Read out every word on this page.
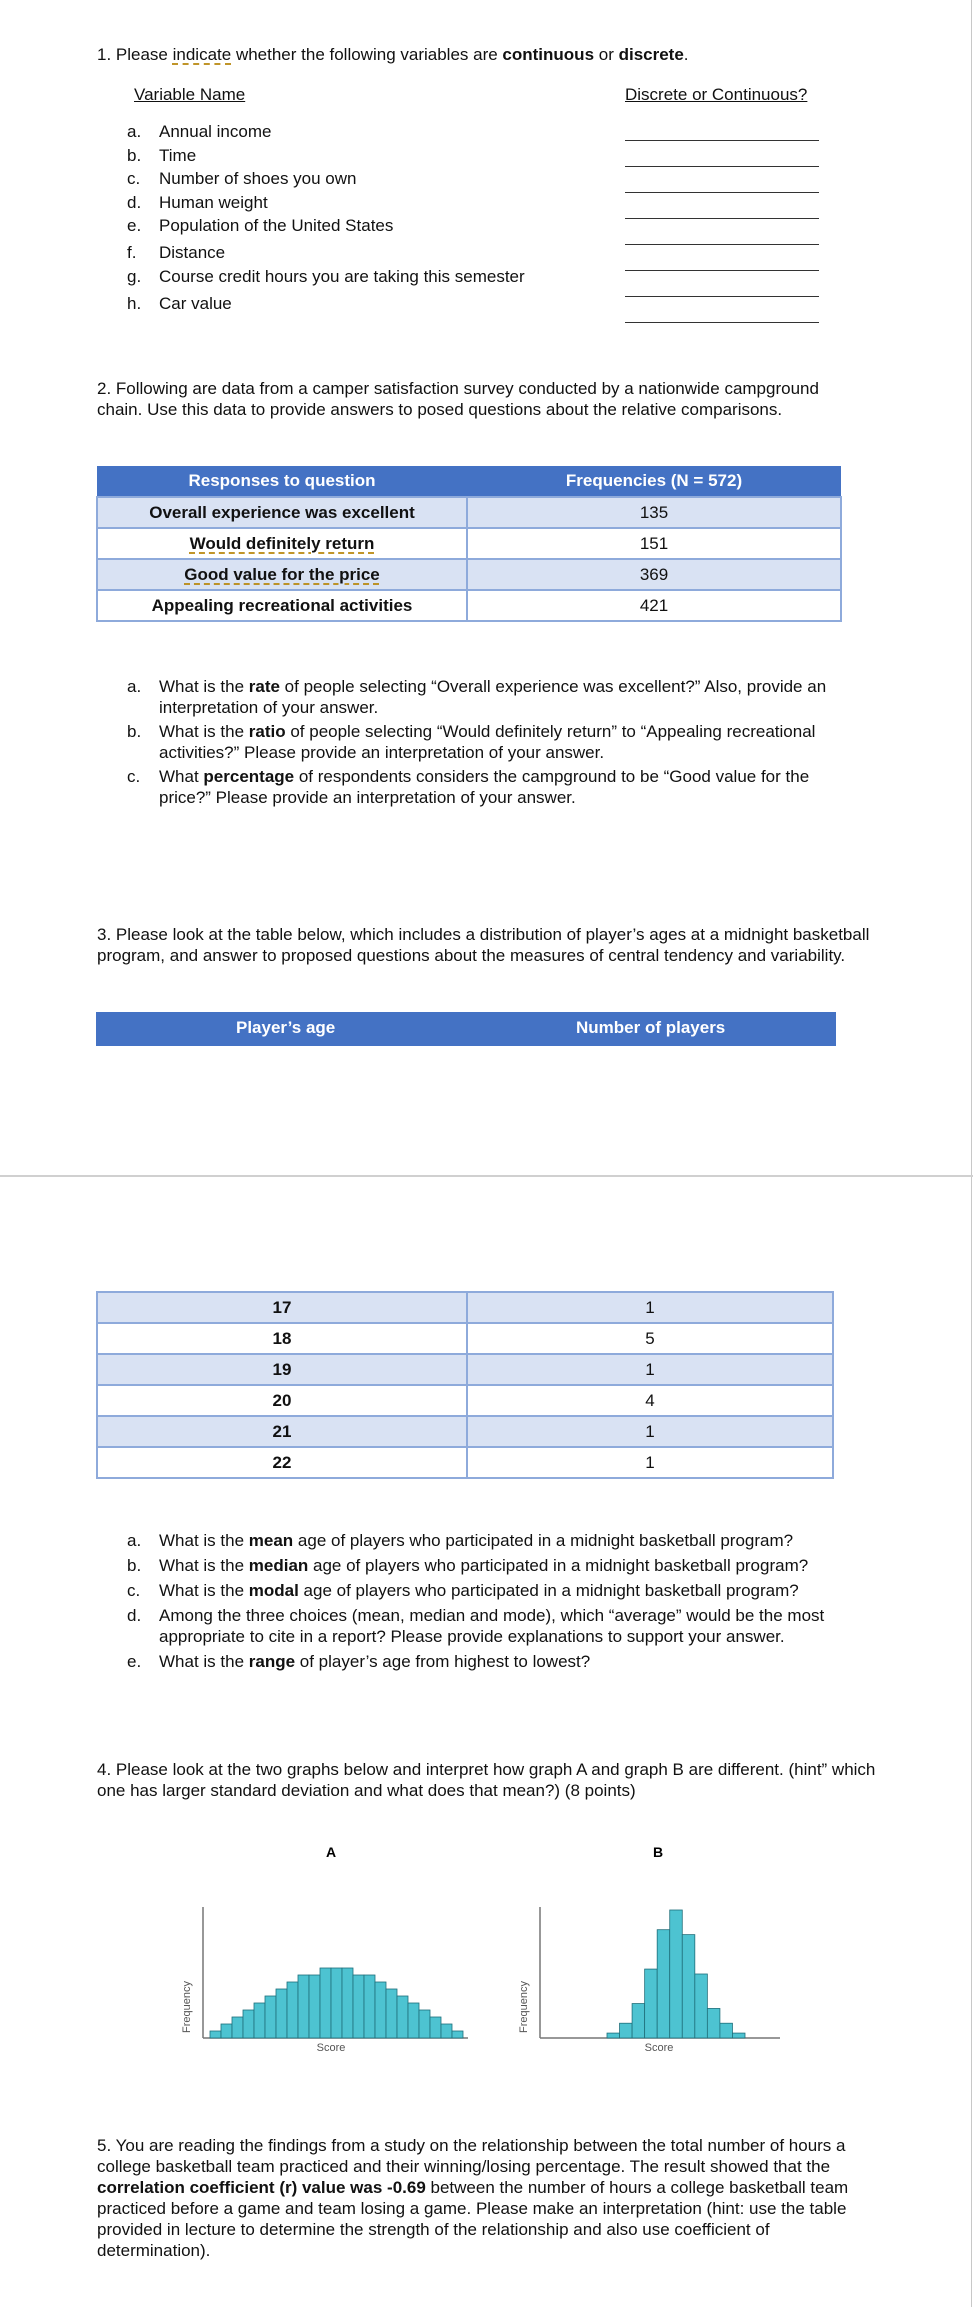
1. Please indicate whether the following variables are continuous or discrete.
Variable Name	Discrete or Continuous?
a. Annual income
b. Time
c. Number of shoes you own
d. Human weight
e. Population of the United States
f. Distance
g. Course credit hours you are taking this semester
h. Car value
2. Following are data from a camper satisfaction survey conducted by a nationwide campground chain. Use this data to provide answers to posed questions about the relative comparisons.
Responses to question	Frequencies (N = 572)
Overall experience was excellent	135
Would definitely return	151
Good value for the price	369
Appealing recreational activities	421
a. What is the rate of people selecting “Overall experience was excellent?” Also, provide an interpretation of your answer.
b. What is the ratio of people selecting “Would definitely return” to “Appealing recreational activities?” Please provide an interpretation of your answer.
c. What percentage of respondents considers the campground to be “Good value for the price?” Please provide an interpretation of your answer.
3. Please look at the table below, which includes a distribution of player’s ages at a midnight basketball program, and answer to proposed questions about the measures of central tendency and variability.
Player’s age	Number of players
17	1
18	5
19	1
20	4
21	1
22	1
a. What is the mean age of players who participated in a midnight basketball program?
b. What is the median age of players who participated in a midnight basketball program?
c. What is the modal age of players who participated in a midnight basketball program?
d. Among the three choices (mean, median and mode), which “average” would be the most appropriate to cite in a report? Please provide explanations to support your answer.
e. What is the range of player’s age from highest to lowest?
4. Please look at the two graphs below and interpret how graph A and graph B are different. (hint” which one has larger standard deviation and what does that mean?) (8 points)
A
Frequency
Score
B
Frequency
Score
5. You are reading the findings from a study on the relationship between the total number of hours a college basketball team practiced and their winning/losing percentage. The result showed that the correlation coefficient (r) value was -0.69 between the number of hours a college basketball team practiced before a game and team losing a game. Please make an interpretation (hint: use the table provided in lecture to determine the strength of the relationship and also use coefficient of determination).
